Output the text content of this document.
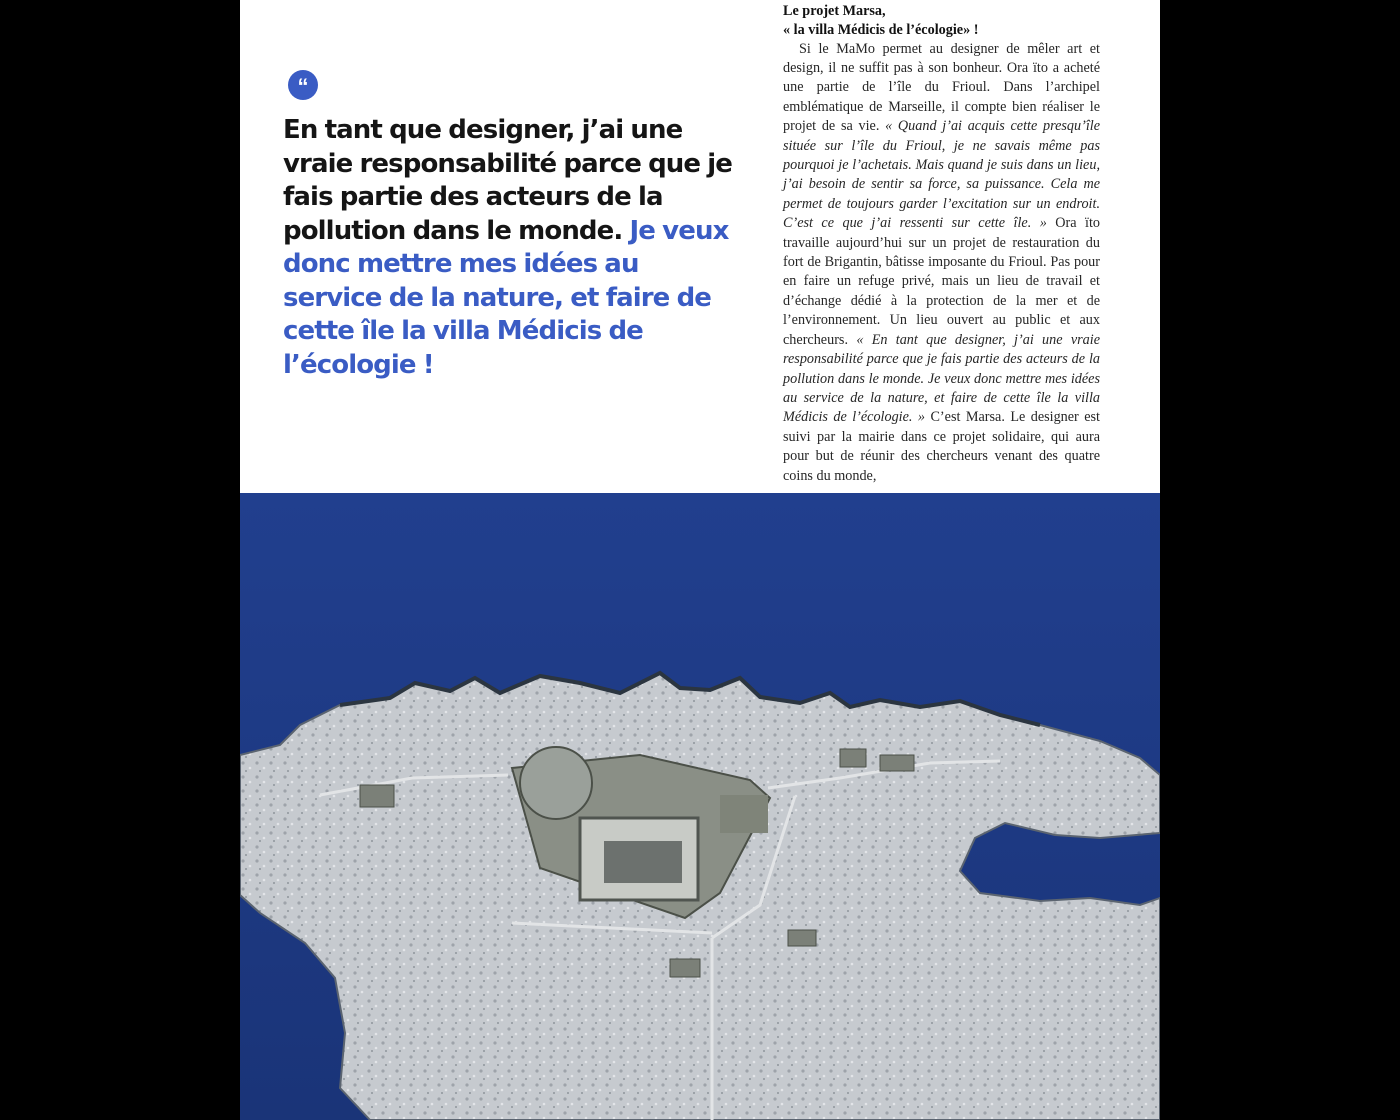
“

En tant que designer, j’ai une vraie responsabilité parce que je fais partie des acteurs de la pollution dans le monde. Je veux donc mettre mes idées au service de la nature, et faire de cette île la villa Médicis de l’écologie !

Le projet Marsa,
« la villa Médicis de l’écologie» !

Si le MaMo permet au designer de mêler art et design, il ne suffit pas à son bonheur. Ora ïto a acheté une partie de l’île du Frioul. Dans l’archipel emblématique de Marseille, il compte bien réaliser le projet de sa vie. « Quand j’ai acquis cette presqu’île située sur l’île du Frioul, je ne savais même pas pourquoi je l’achetais. Mais quand je suis dans un lieu, j’ai besoin de sentir sa force, sa puissance. Cela me permet de toujours garder l’excitation sur un endroit. C’est ce que j’ai ressenti sur cette île. » Ora ïto travaille aujourd’hui sur un projet de restauration du fort de Brigantin, bâtisse imposante du Frioul. Pas pour en faire un refuge privé, mais un lieu de travail et d’échange dédié à la protection de la mer et de l’environnement. Un lieu ouvert au public et aux chercheurs. « En tant que designer, j’ai une vraie responsabilité parce que je fais partie des acteurs de la pollution dans le monde. Je veux donc mettre mes idées au service de la nature, et faire de cette île la villa Médicis de l’écologie. » C’est Marsa. Le designer est suivi par la mairie dans ce projet solidaire, qui aura pour but de réunir des chercheurs venant des quatre coins du monde,
